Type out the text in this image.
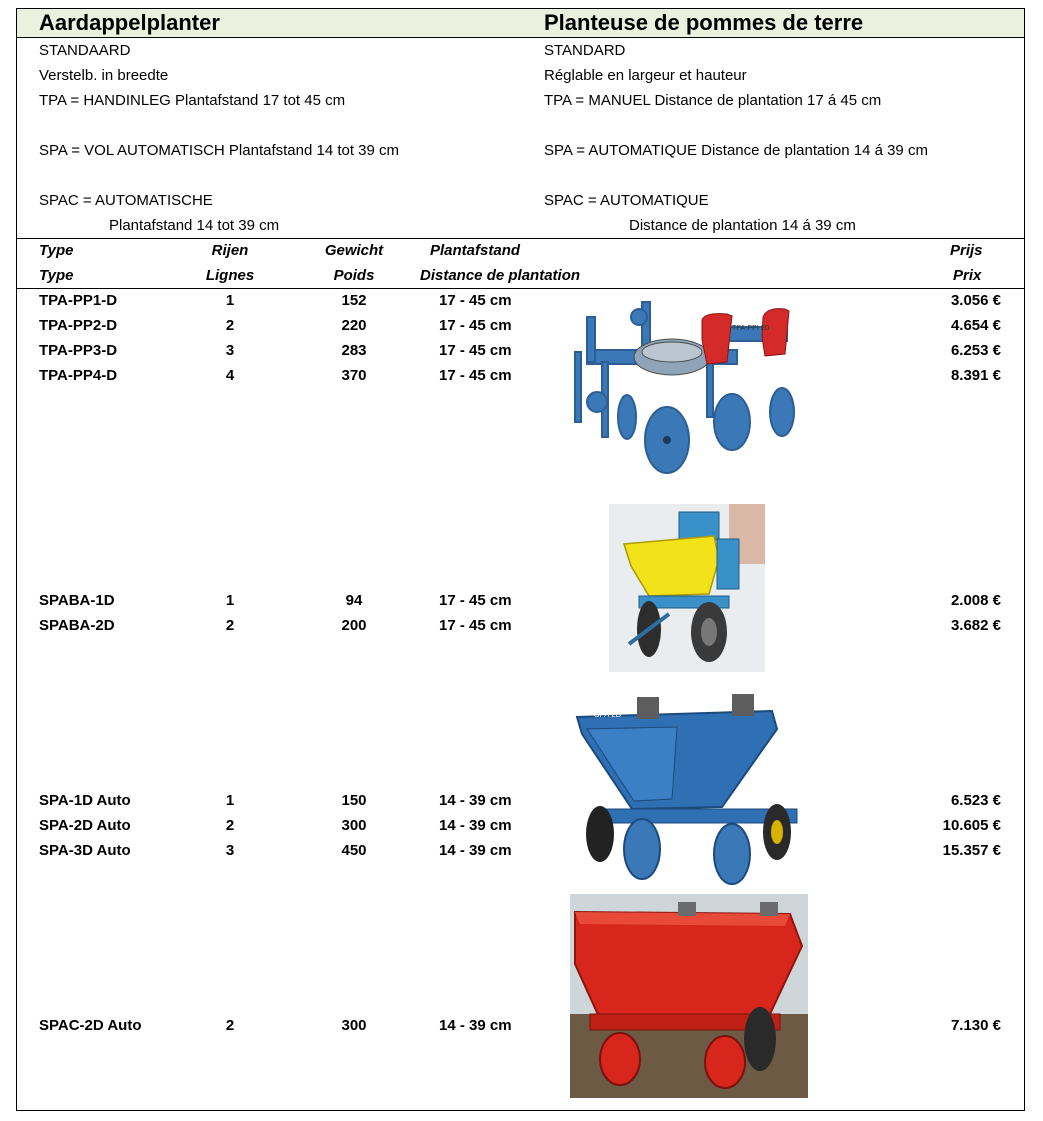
Aardappelplanter	Planteuse de pommes de terre
STANDAARD
Verstelb. in breedte
TPA = HANDINLEG Plantafstand 17 tot 45 cm
SPA = VOL AUTOMATISCH Plantafstand 14 tot 39 cm
SPAC = AUTOMATISCHE
Plantafstand 14 tot 39 cm
STANDARD
Réglable en largeur et hauteur
TPA = MANUEL Distance de plantation 17 á 45 cm
SPA = AUTOMATIQUE Distance de plantation 14 á 39 cm
SPAC = AUTOMATIQUE
Distance de plantation 14 á 39 cm
Type	Rijen	Gewicht	Plantafstand	Prijs
Type	Lignes	Poids	Distance de plantation	Prix
TPA-PP1-D	1	152	17 - 45 cm	3.056 €
TPA-PP2-D	2	220	17 - 45 cm	4.654 €
TPA-PP3-D	3	283	17 - 45 cm	6.253 €
TPA-PP4-D	4	370	17 - 45 cm	8.391 €
SPABA-1D	1	94	17 - 45 cm	2.008 €
SPABA-2D	2	200	17 - 45 cm	3.682 €
SPA-1D Auto	1	150	14 - 39 cm	6.523 €
SPA-2D Auto	2	300	14 - 39 cm	10.605 €
SPA-3D Auto	3	450	14 - 39 cm	15.357 €
SPAC-2D Auto	2	300	14 - 39 cm	7.130 €
TPA-PPI 2D
SPA 2D
